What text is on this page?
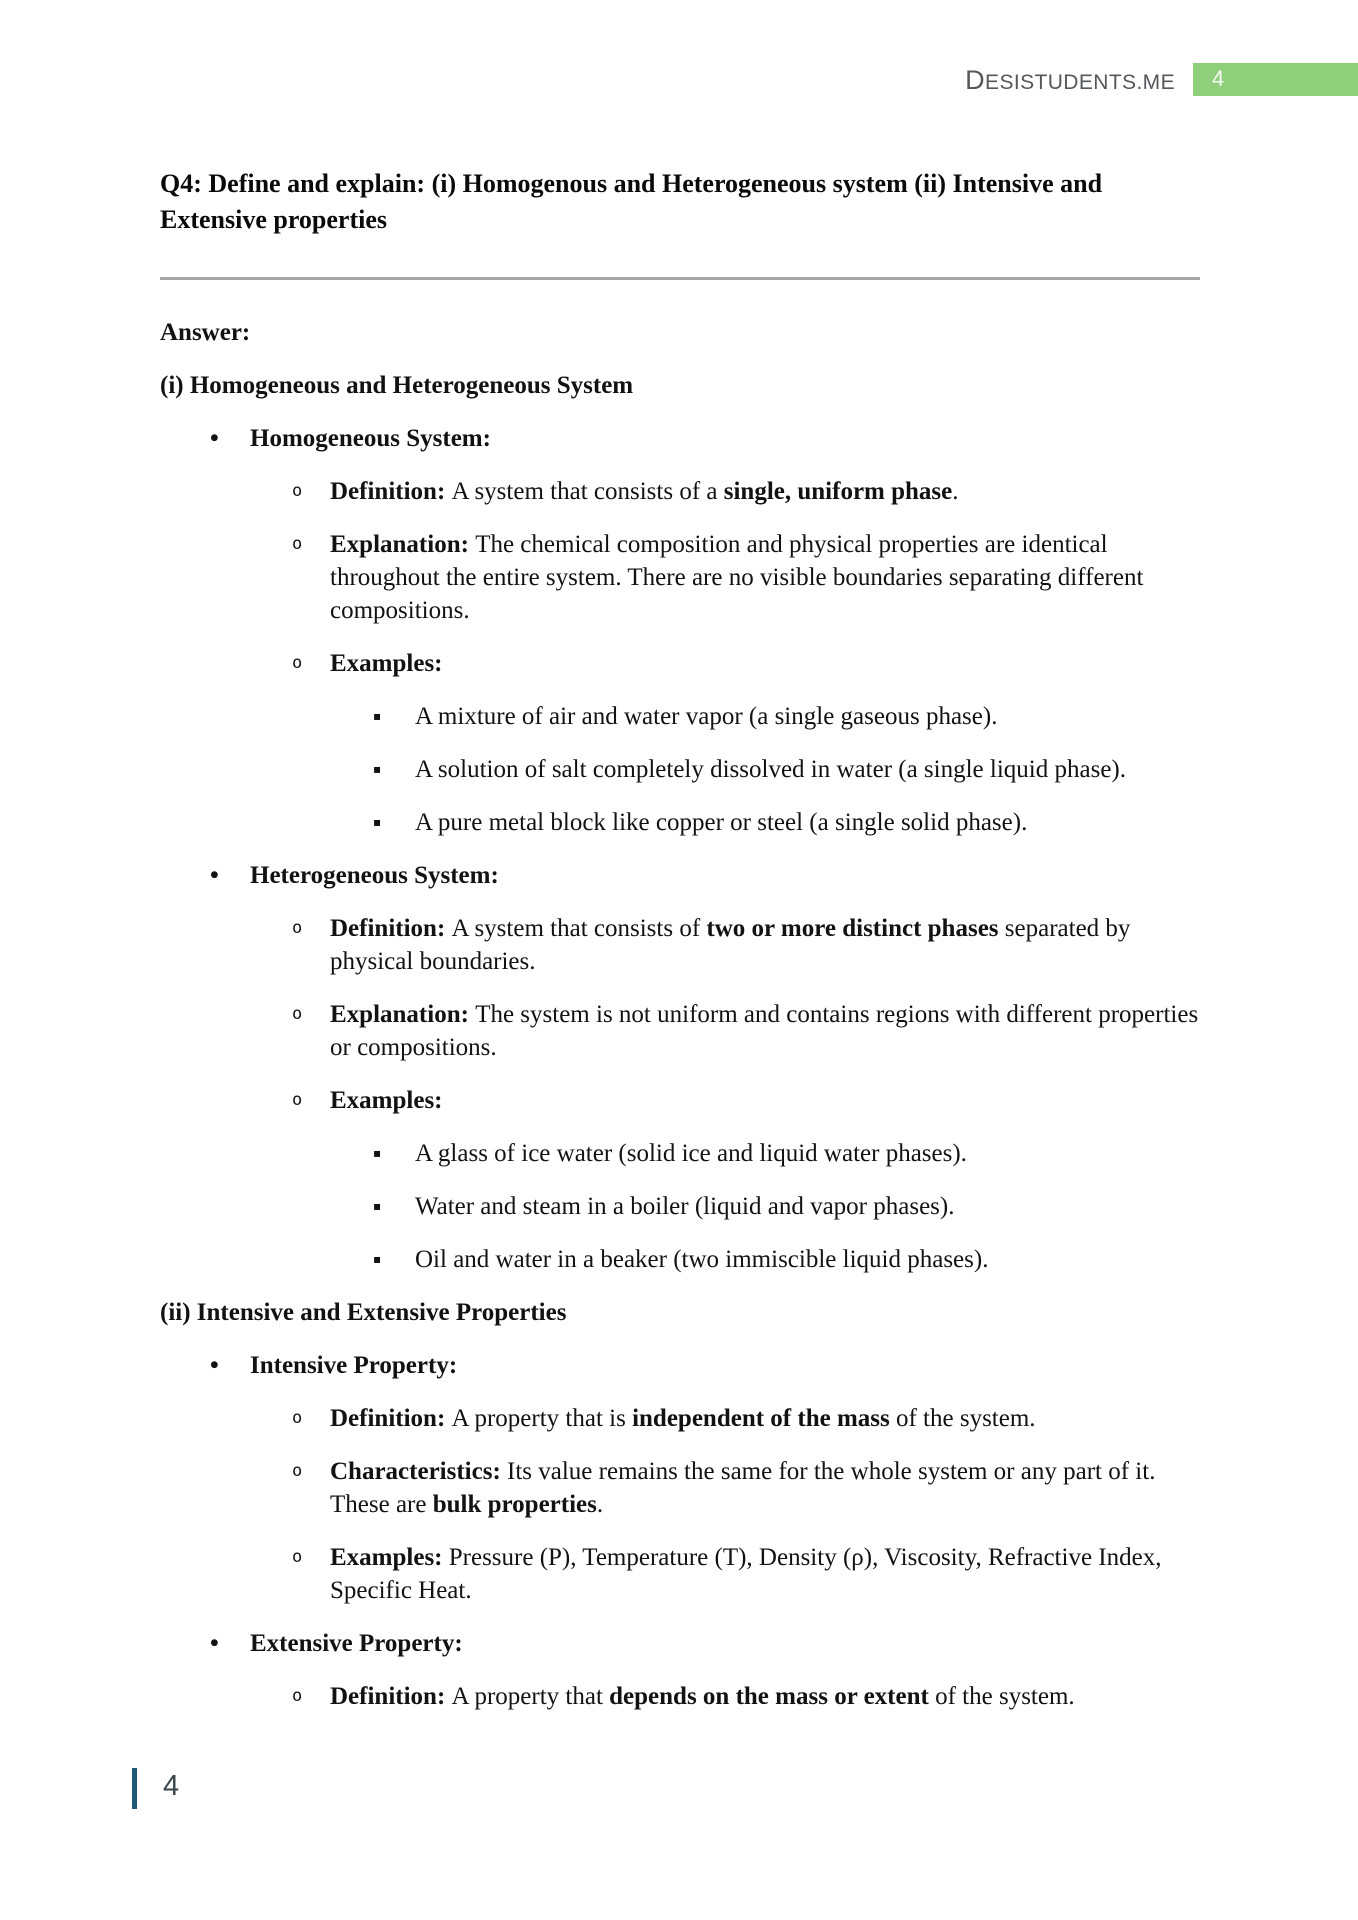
DESISTUDENTS.ME	4
Q4: Define and explain: (i) Homogenous and Heterogeneous system (ii) Intensive and Extensive properties
Answer:
(i) Homogeneous and Heterogeneous System
•	Homogeneous System:
o	Definition: A system that consists of a single, uniform phase.
o	Explanation: The chemical composition and physical properties are identical throughout the entire system. There are no visible boundaries separating different compositions.
o	Examples:
▪	A mixture of air and water vapor (a single gaseous phase).
▪	A solution of salt completely dissolved in water (a single liquid phase).
▪	A pure metal block like copper or steel (a single solid phase).
•	Heterogeneous System:
o	Definition: A system that consists of two or more distinct phases separated by physical boundaries.
o	Explanation: The system is not uniform and contains regions with different properties or compositions.
o	Examples:
▪	A glass of ice water (solid ice and liquid water phases).
▪	Water and steam in a boiler (liquid and vapor phases).
▪	Oil and water in a beaker (two immiscible liquid phases).
(ii) Intensive and Extensive Properties
•	Intensive Property:
o	Definition: A property that is independent of the mass of the system.
o	Characteristics: Its value remains the same for the whole system or any part of it. These are bulk properties.
o	Examples: Pressure (P), Temperature (T), Density (ρ), Viscosity, Refractive Index, Specific Heat.
•	Extensive Property:
o	Definition: A property that depends on the mass or extent of the system.
4
